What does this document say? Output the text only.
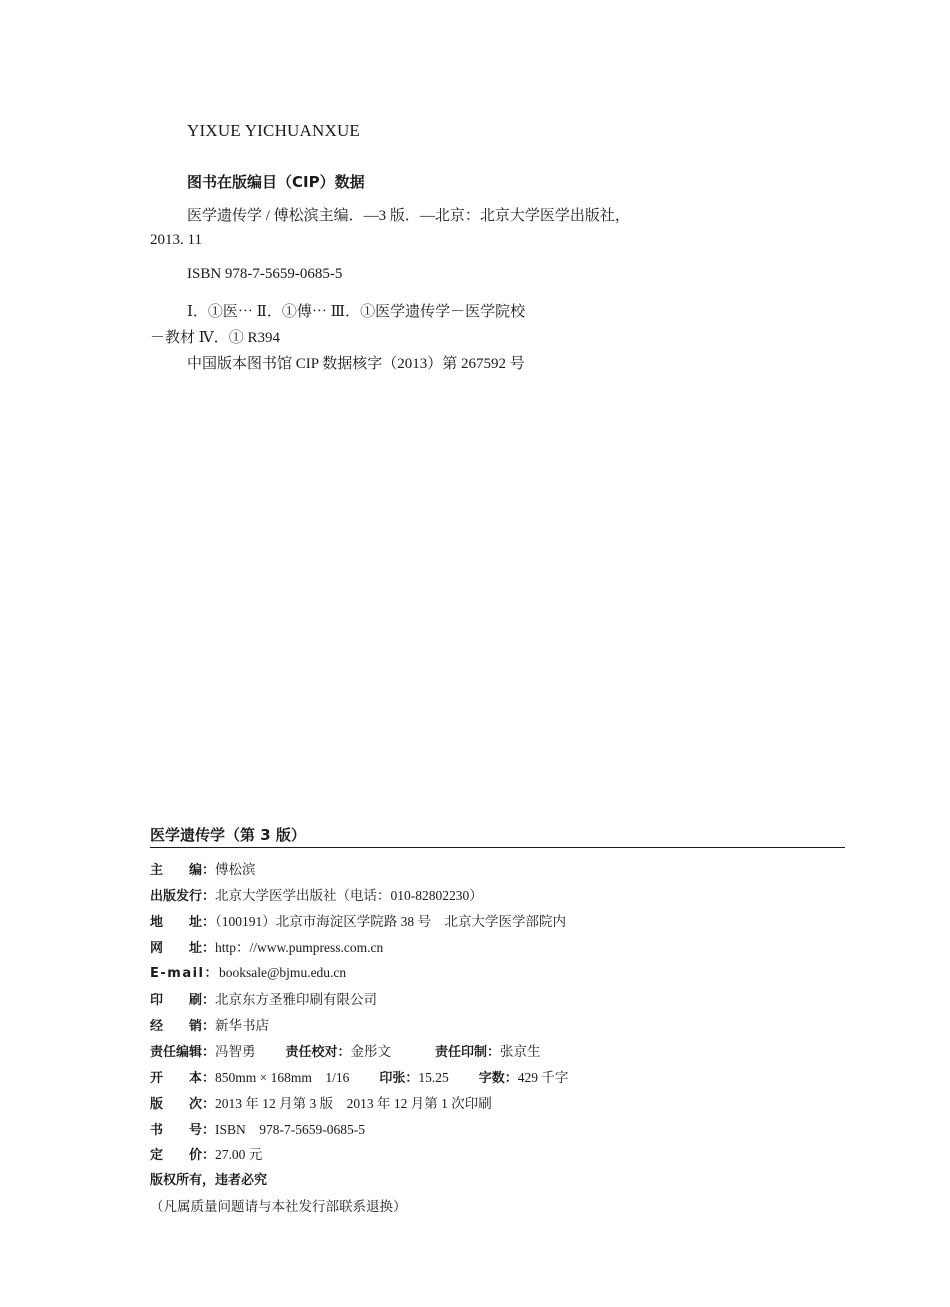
YIXUE YICHUANXUE
图书在版编目（CIP）数据
医学遗传学 / 傅松滨主编．—3 版．—北京：北京大学医学出版社，
2013. 11
ISBN 978-7-5659-0685-5
Ⅰ．①医⋯ Ⅱ．①傅⋯ Ⅲ．①医学遗传学－医学院校
－教材 Ⅳ．① R394
中国版本图书馆 CIP 数据核字（2013）第 267592 号
医学遗传学（第 3 版）
主　　编：傅松滨
出版发行：北京大学医学出版社（电话：010-82802230）
地　　址：（100191）北京市海淀区学院路 38 号　北京大学医学部院内
网　　址：http：//www.pumpress.com.cn
E-mail：booksale@bjmu.edu.cn
印　　刷：北京东方圣雅印刷有限公司
经　　销：新华书店
责任编辑：冯智勇 责任校对：金彤文	责任印制：张京生
开　　本：850mm × 168mm　1/16 印张：15.25 字数：429 千字
版　　次：2013 年 12 月第 3 版　2013 年 12 月第 1 次印刷
书　　号：ISBN　978-7-5659-0685-5
定　　价：27.00 元
版权所有，违者必究
（凡属质量问题请与本社发行部联系退换）
